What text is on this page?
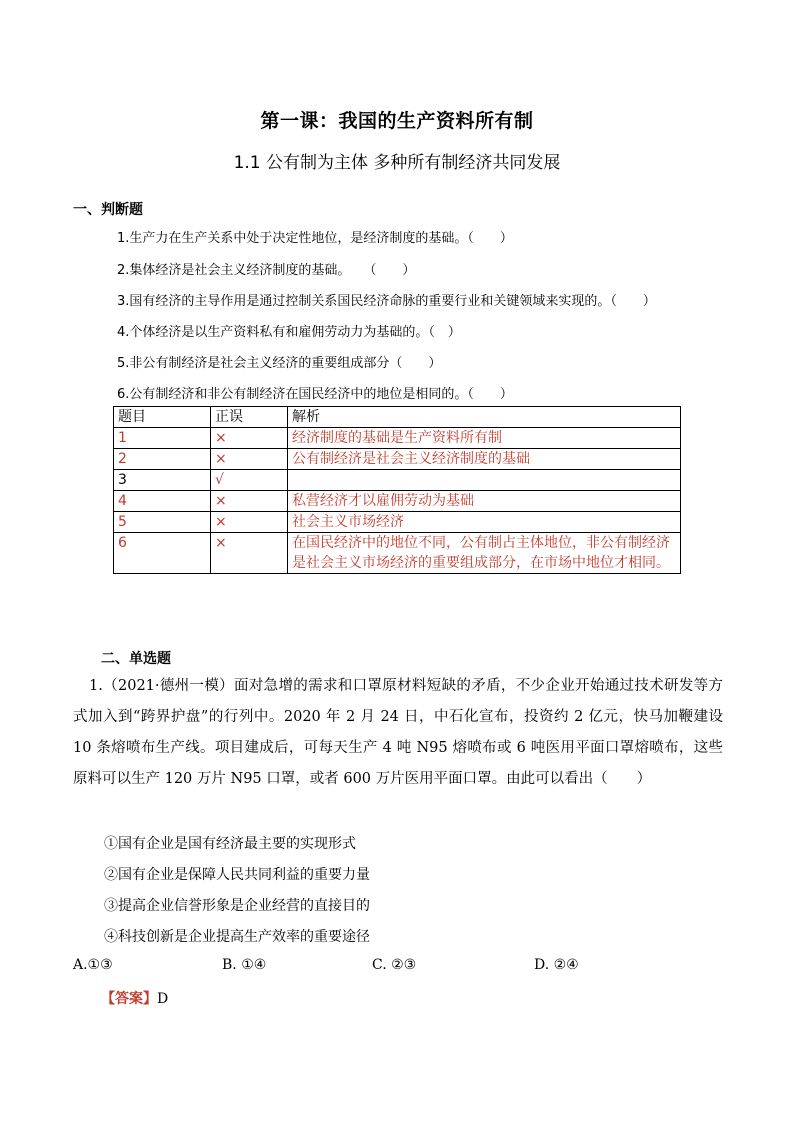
第一课：我国的生产资料所有制
1.1 公有制为主体 多种所有制经济共同发展
一、判断题
1.生产力在生产关系中处于决定性地位，是经济制度的基础。（　　）
2.集体经济是社会主义经济制度的基础。　　（　　）
3.国有经济的主导作用是通过控制关系国民经济命脉的重要行业和关键领域来实现的。（　　）
4.个体经济是以生产资料私有和雇佣劳动力为基础的。（　）
5.非公有制经济是社会主义经济的重要组成部分（　　）
6.公有制经济和非公有制经济在国民经济中的地位是相同的。（　　）
题目	正误	解析
1	×	经济制度的基础是生产资料所有制
2	×	公有制经济是社会主义经济制度的基础
3	√	
4	×	私营经济才以雇佣劳动为基础
5	×	社会主义市场经济
6	×	在国民经济中的地位不同，公有制占主体地位，非公有制经济是社会主义市场经济的重要组成部分，在市场中地位才相同。
二、单选题
1.（2021·德州一模）面对急增的需求和口罩原材料短缺的矛盾，不少企业开始通过技术研发等方式加入到“跨界护盘”的行列中。2020 年 2 月 24 日，中石化宣布，投资约 2 亿元，快马加鞭建设 10 条熔喷布生产线。项目建成后，可每天生产 4 吨 N95 熔喷布或 6 吨医用平面口罩熔喷布，这些原料可以生产 120 万片 N95 口罩，或者 600 万片医用平面口罩。由此可以看出（　　）
①国有企业是国有经济最主要的实现形式
②国有企业是保障人民共同利益的重要力量
③提高企业信誉形象是企业经营的直接目的
④科技创新是企业提高生产效率的重要途径
A.①③	B. ①④	C. ②③	D. ②④
【答案】D
